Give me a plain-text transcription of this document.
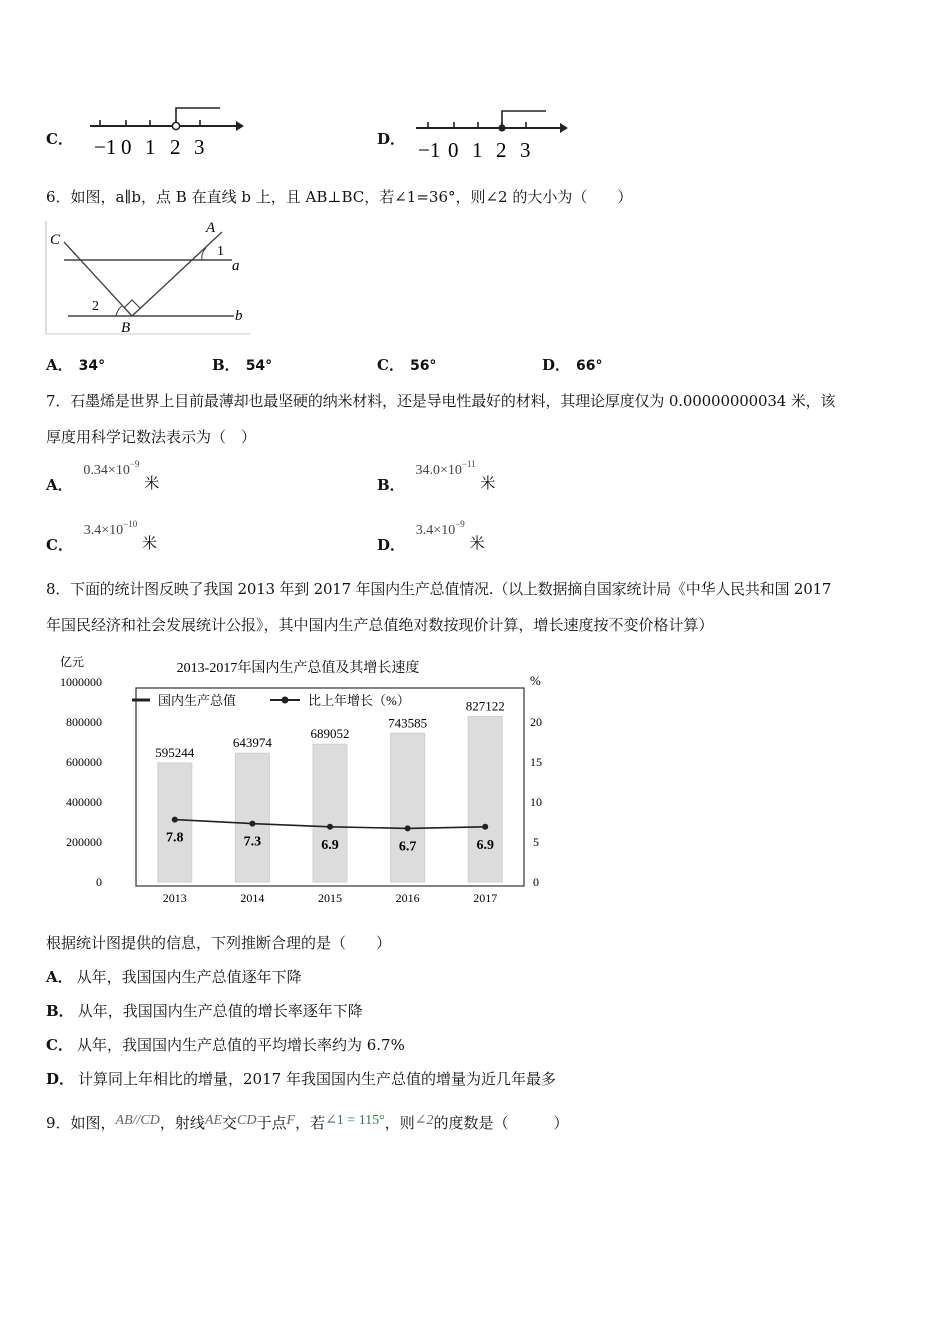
C． −1 0 1 2 3	D． −1 0 1 2 3
6．如图，a∥b，点 B 在直线 b 上，且 AB⊥BC，若∠1=36°，则∠2 的大小为（　　）
C
A
1
a
2
B
b
A． 34°	B． 54°	C． 56°	D． 66°
7．石墨烯是世界上目前最薄却也最坚硬的纳米材料，还是导电性最好的材料，其理论厚度仅为 0.00000000034 米，该
厚度用科学记数法表示为（　）
A． $0.34\times 10^{-9}$ 米	B． $34.0\times 10^{-11}$ 米
C． $3.4\times 10^{-10}$ 米	D． $3.4\times 10^{-9}$ 米
8．下面的统计图反映了我国 2013 年到 2017 年国内生产总值情况.（以上数据摘自国家统计局《中华人民共和国 2017
年国民经济和社会发展统计公报》，其中国内生产总值绝对数按现价计算，增长速度按不变价格计算）
2013-2017年国内生产总值及其增长速度
亿元
%
国内生产总值	比上年增长（%）
1000000
800000
600000
400000
200000
0
20
15
10
5
0
595244
643974
689052
743585
827122
2013	2014	2015	2016	2017
7.8	7.3	6.9	6.7	6.9
根据统计图提供的信息，下列推断合理的是（　　）
A． 从年，我国国内生产总值逐年下降
B． 从年，我国国内生产总值的增长率逐年下降
C． 从年，我国国内生产总值的平均增长率约为 6.7%
D． 计算同上年相比的增量，2017 年我国国内生产总值的增量为近几年最多
9．如图，AB//CD，射线AE交CD于点F，若∠1 = 115°，则∠2的度数是（　　　）
